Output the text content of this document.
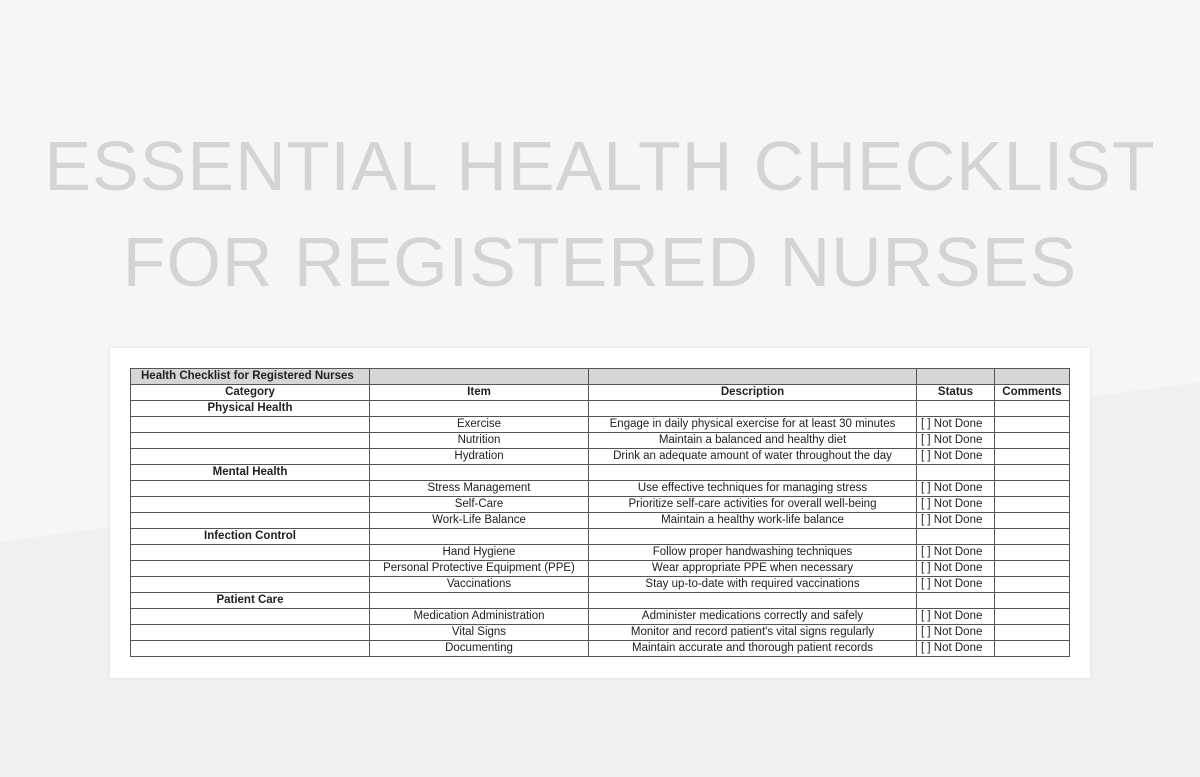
ESSENTIAL HEALTH CHECKLIST
FOR REGISTERED NURSES
Health Checklist for Registered Nurses				
Category	Item	Description	Status	Comments
Physical Health				
	Exercise	Engage in daily physical exercise for at least 30 minutes	[ ] Not Done	
	Nutrition	Maintain a balanced and healthy diet	[ ] Not Done	
	Hydration	Drink an adequate amount of water throughout the day	[ ] Not Done	
Mental Health				
	Stress Management	Use effective techniques for managing stress	[ ] Not Done	
	Self-Care	Prioritize self-care activities for overall well-being	[ ] Not Done	
	Work-Life Balance	Maintain a healthy work-life balance	[ ] Not Done	
Infection Control				
	Hand Hygiene	Follow proper handwashing techniques	[ ] Not Done	
	Personal Protective Equipment (PPE)	Wear appropriate PPE when necessary	[ ] Not Done	
	Vaccinations	Stay up-to-date with required vaccinations	[ ] Not Done	
Patient Care				
	Medication Administration	Administer medications correctly and safely	[ ] Not Done	
	Vital Signs	Monitor and record patient's vital signs regularly	[ ] Not Done	
	Documenting	Maintain accurate and thorough patient records	[ ] Not Done	
